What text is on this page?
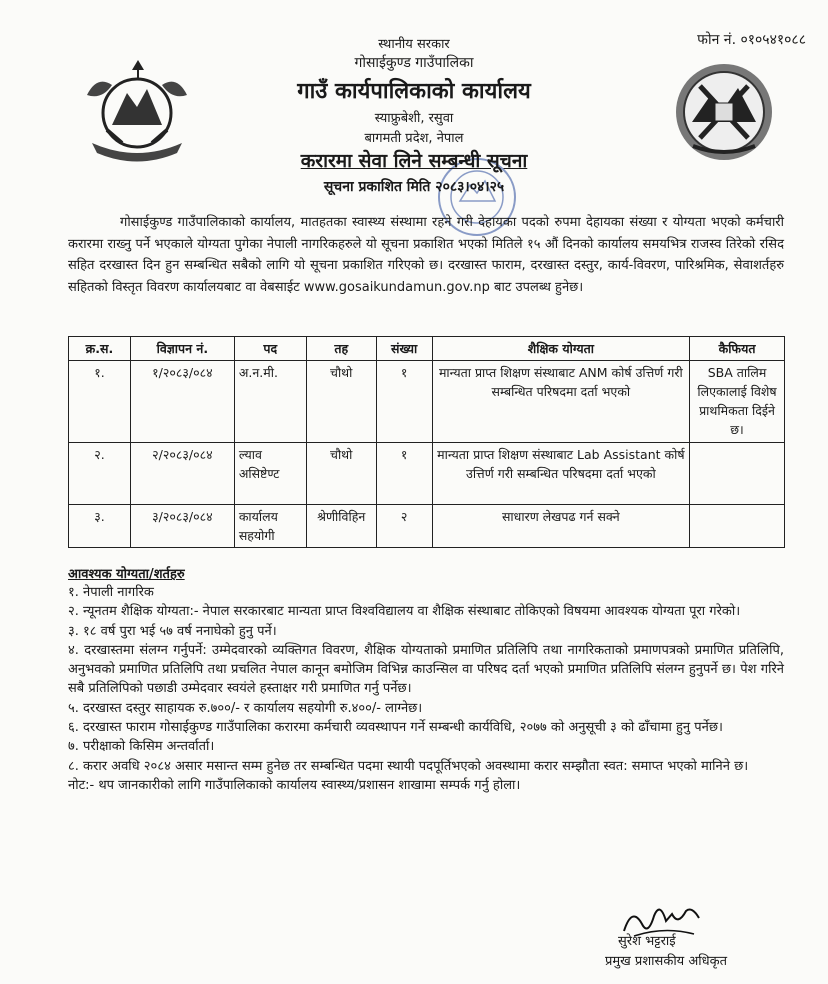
फोन नं. ०१०५४१०८८
स्थानीय सरकार
गोसाईकुण्ड गाउँपालिका
गाउँ कार्यपालिकाको कार्यालय
स्याफ्रुबेशी, रसुवा
बागमती प्रदेश, नेपाल
करारमा सेवा लिने सम्बन्धी सूचना
सूचना प्रकाशित मिति २०८३।०४।२५
गोसाईकुण्ड गाउँपालिकाको कार्यालय, मातहतका स्वास्थ्य संस्थामा रहने गरी देहायका पदको रुपमा देहायका संख्या र योग्यता भएको कर्मचारी करारमा राख्नु पर्ने भएकाले योग्यता पुगेका नेपाली नागरिकहरुले यो सूचना प्रकाशित भएको मितिले १५ औं दिनको कार्यालय समयभित्र राजस्व तिरेको रसिद सहित दरखास्त दिन हुन सम्बन्धित सबैको लागि यो सूचना प्रकाशित गरिएको छ। दरखास्त फाराम, दरखास्त दस्तुर, कार्य-विवरण, पारिश्रमिक, सेवाशर्तहरु सहितको विस्तृत विवरण कार्यालयबाट वा वेबसाईट www.gosaikundamun.gov.np बाट उपलब्ध हुनेछ।
क्र.स.	विज्ञापन नं.	पद	तह	संख्या	शैक्षिक योग्यता	कैफियत
१.	१/२०८३/०८४	अ.न.मी.	चौथो	१	मान्यता प्राप्त शिक्षण संस्थाबाट ANM कोर्ष उत्तिर्ण गरी सम्बन्धित परिषदमा दर्ता भएको	SBA तालिम लिएकालाई विशेष प्राथमिकता दिईने छ।
२.	२/२०८३/०८४	ल्याव असिष्टेण्ट	चौथो	१	मान्यता प्राप्त शिक्षण संस्थाबाट Lab Assistant कोर्ष उत्तिर्ण गरी सम्बन्धित परिषदमा दर्ता भएको	
३.	३/२०८३/०८४	कार्यालय सहयोगी	श्रेणीविहिन	२	साधारण लेखपढ गर्न सक्ने	
आवश्यक योग्यता/शर्तहरु
१. नेपाली नागरिक
२. न्यूनतम शैक्षिक योग्यता:- नेपाल सरकारबाट मान्यता प्राप्त विश्वविद्यालय वा शैक्षिक संस्थाबाट तोकिएको विषयमा आवश्यक योग्यता पूरा गरेको।
३. १८ वर्ष पुरा भई ५७ वर्ष ननाघेको हुनु पर्ने।
४. दरखास्तमा संलग्न गर्नुपर्ने: उम्मेदवारको व्यक्तिगत विवरण, शैक्षिक योग्यताको प्रमाणित प्रतिलिपि तथा नागरिकताको प्रमाणपत्रको प्रमाणित प्रतिलिपि, अनुभवको प्रमाणित प्रतिलिपि तथा प्रचलित नेपाल कानून बमोजिम विभिन्न काउन्सिल वा परिषद दर्ता भएको प्रमाणित प्रतिलिपि संलग्न हुनुपर्ने छ। पेश गरिने सबै प्रतिलिपिको पछाडी उम्मेदवार स्वयंले हस्ताक्षर गरी प्रमाणित गर्नु पर्नेछ।
५. दरखास्त दस्तुर साहायक रु.७००/- र कार्यालय सहयोगी रु.४००/- लाग्नेछ।
६. दरखास्त फाराम गोसाईकुण्ड गाउँपालिका करारमा कर्मचारी व्यवस्थापन गर्ने सम्बन्धी कार्यविधि, २०७७ को अनुसूची ३ को ढाँचामा हुनु पर्नेछ।
७. परीक्षाको किसिम अन्तर्वार्ता।
८. करार अवधि २०८४ असार मसान्त सम्म हुनेछ तर सम्बन्धित पदमा स्थायी पदपूर्तिभएको अवस्थामा करार सम्झौता स्वत: समाप्त भएको मानिने छ।
नोट:- थप जानकारीको लागि गाउँपालिकाको कार्यालय स्वास्थ्य/प्रशासन शाखामा सम्पर्क गर्नु होला।
सुरेश भट्टराई
प्रमुख प्रशासकीय अधिकृत
